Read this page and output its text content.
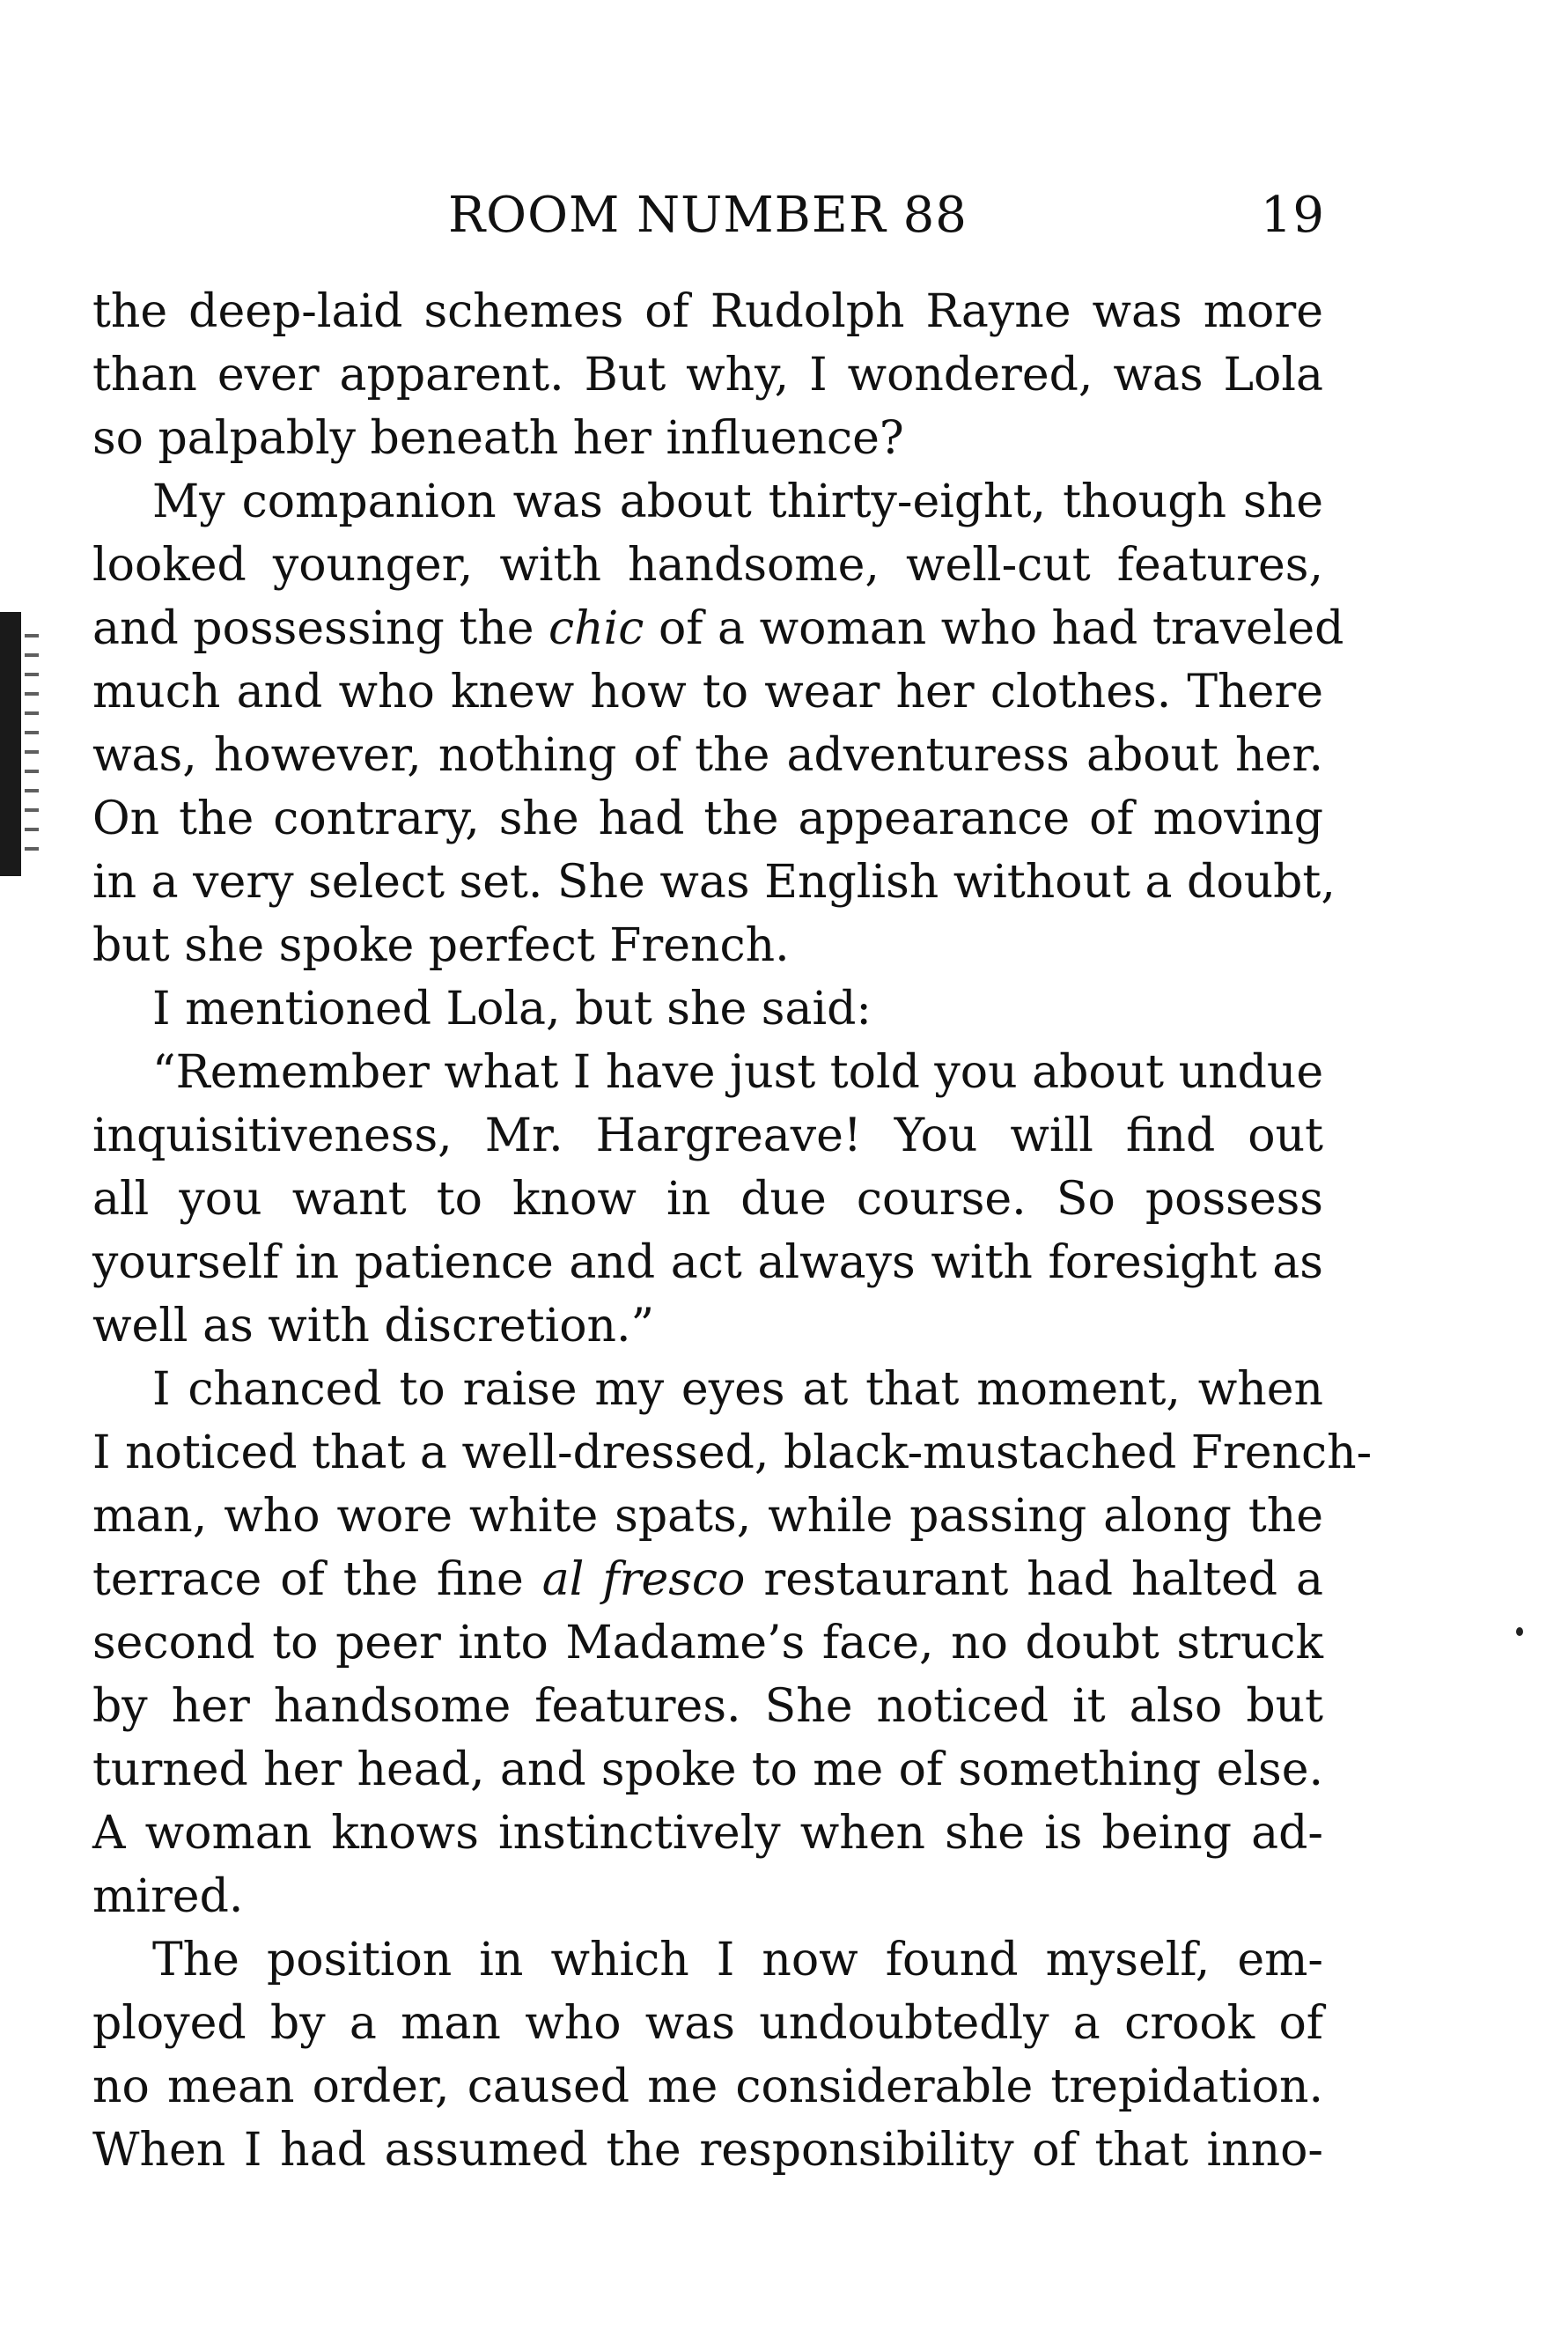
ROOM NUMBER 88	19
the deep-laid schemes of Rudolph Rayne was more
than ever apparent. But why, I wondered, was Lola
so palpably beneath her influence?
My companion was about thirty-eight, though she
looked younger, with handsome, well-cut features,
and possessing the chic of a woman who had traveled
much and who knew how to wear her clothes. There
was, however, nothing of the adventuress about her.
On the contrary, she had the appearance of moving
in a very select set. She was English without a doubt,
but she spoke perfect French.
I mentioned Lola, but she said:
“Remember what I have just told you about undue
inquisitiveness, Mr. Hargreave! You will find out
all you want to know in due course. So possess
yourself in patience and act always with foresight as
well as with discretion.”
I chanced to raise my eyes at that moment, when
I noticed that a well-dressed, black-mustached French-
man, who wore white spats, while passing along the
terrace of the fine al fresco restaurant had halted a
second to peer into Madame’s face, no doubt struck
by her handsome features. She noticed it also but
turned her head, and spoke to me of something else.
A woman knows instinctively when she is being ad-
mired.
The position in which I now found myself, em-
ployed by a man who was undoubtedly a crook of
no mean order, caused me considerable trepidation.
When I had assumed the responsibility of that inno-
